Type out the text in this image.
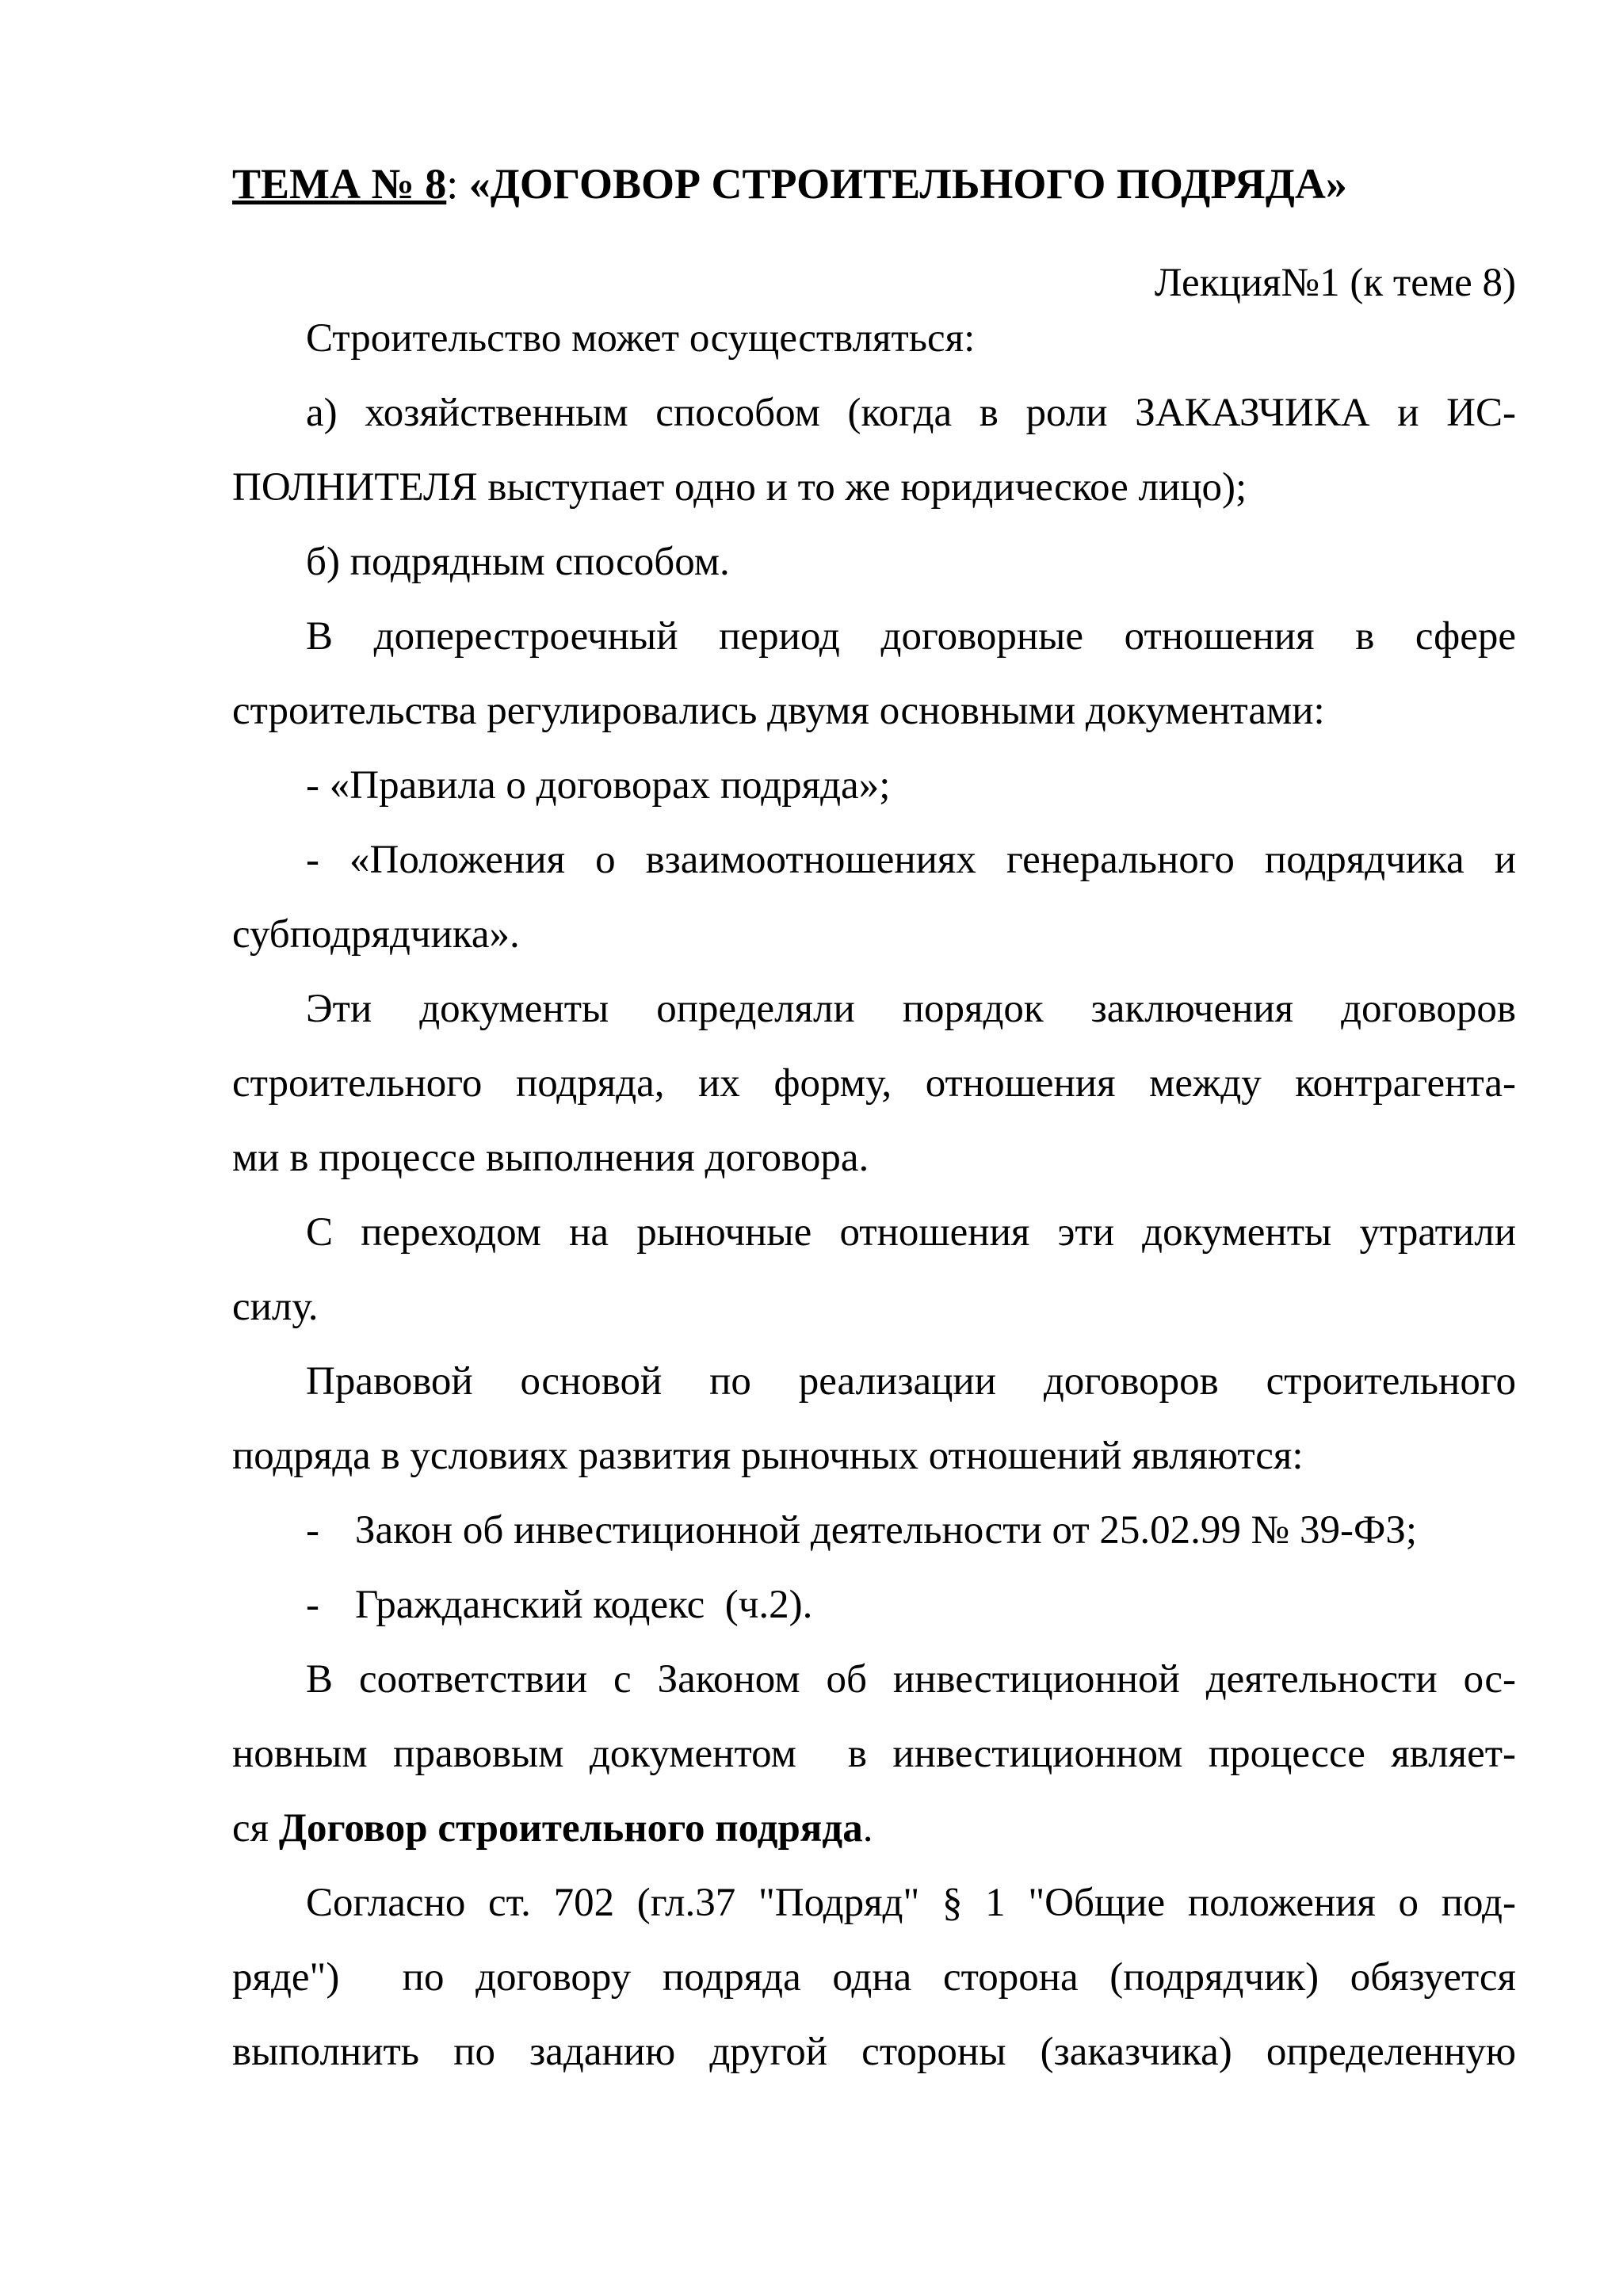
ТЕМА № 8: «ДОГОВОР СТРОИТЕЛЬНОГО ПОДРЯДА»
Лекция№1 (к теме 8)
Строительство может осуществляться:
а) хозяйственным способом (когда в роли ЗАКАЗЧИКА и ИС-
ПОЛНИТЕЛЯ выступает одно и то же юридическое лицо);
б) подрядным способом.
В доперестроечный период договорные отношения в сфере
строительства регулировались двумя основными документами:
- «Правила о договорах подряда»;
- «Положения о взаимоотношениях генерального подрядчика и
субподрядчика».
Эти документы определяли порядок заключения договоров
строительного подряда, их форму, отношения между контрагента-
ми в процессе выполнения договора.
С переходом на рыночные отношения эти документы утратили
силу.
Правовой основой по реализации договоров строительного
подряда в условиях развития рыночных отношений являются:
- Закон об инвестиционной деятельности от 25.02.99 № 39-ФЗ;
- Гражданский кодекс  (ч.2).
В соответствии с Законом об инвестиционной деятельности ос-
новным правовым документом  в инвестиционном процессе являет-
ся Договор строительного подряда.
Согласно ст. 702 (гл.37 "Подряд" § 1 "Общие положения о под-
ряде")  по договору подряда одна сторона (подрядчик) обязуется
выполнить по заданию другой стороны (заказчика) определенную
